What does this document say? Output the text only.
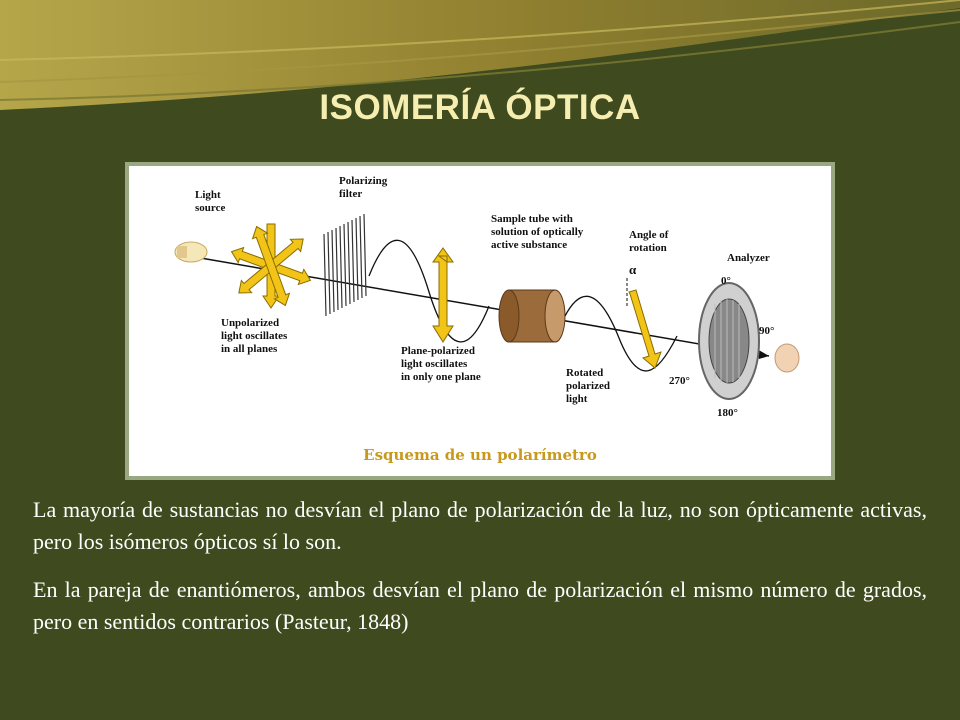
ISOMERÍA ÓPTICA
Light
source
Polarizing
filter
Sample tube with
solution of optically
active substance
Angle of
rotation
α
Analyzer
Unpolarized
light oscillates
in all planes	Plane-polarized
light oscillates
in only one plane	Rotated
polarized
light
0°
90°
180°
270°
Esquema de un polarímetro
La mayoría de sustancias no desvían el plano de polarización de la luz, no son ópticamente activas, pero los isómeros ópticos sí lo son.
En la pareja de enantiómeros, ambos desvían el plano de polarización el mismo número de grados, pero en sentidos contrarios (Pasteur, 1848)
